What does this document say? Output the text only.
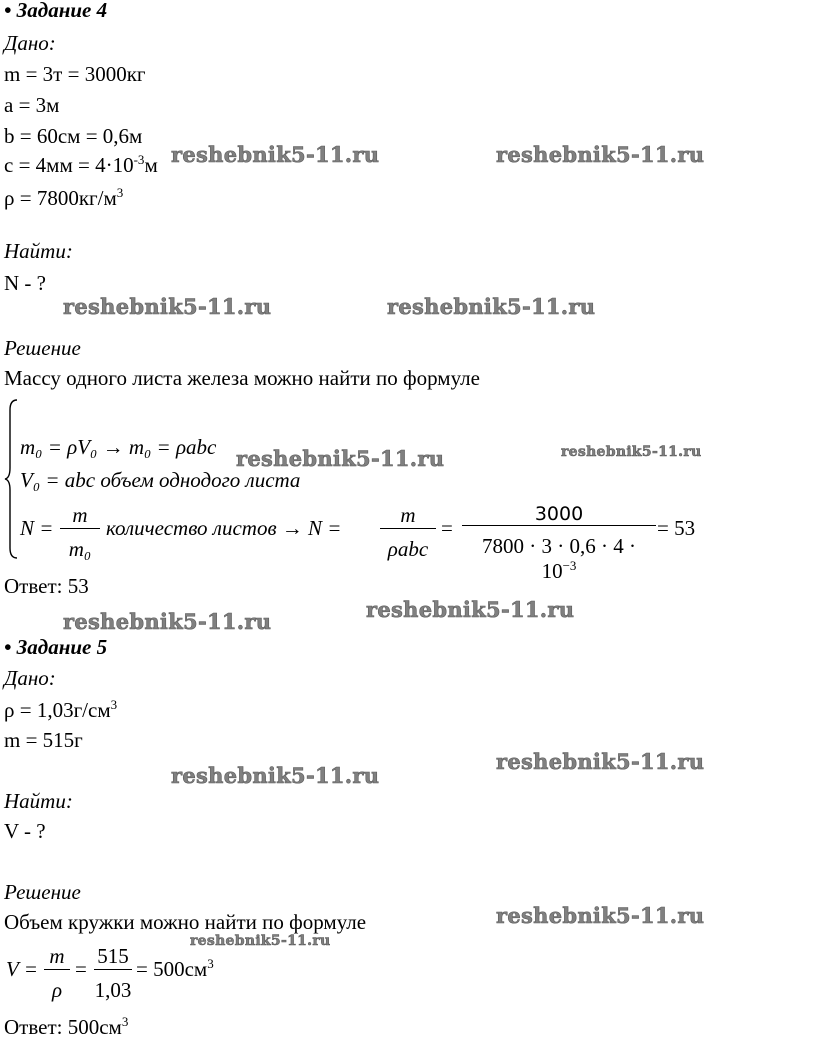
• Задание 4
Дано:
m = 3т = 3000кг
a = 3м
b = 60см = 0,6м
$c = 4мм = 4\cdot 10^{-3}м$
$\rho = 7800кг/м^3$
Найти:
N - ?
Решение
Массу одного листа железа можно найти по формуле
m₀ = ρV₀ → m₀ = ρabc
V₀ = abc объем однодого листа
$N = \frac{m}{\text{m₀}}$ количество листов → N =
m
ρabc
= $\frac{3000}{7800 \cdot 3 \cdot 0,6 \cdot 4 \cdot 10^{-3}} = 53$
Ответ: 53
• Задание 5
Дано:
$\rho = 1,03г/см^3$
m = 515г
Найти:
V - ?
Решение
Объем кружки можно найти по формуле
$V = \frac{m}{\rho} = \frac{515}{1,03} = 500см^3$
Ответ: $500см^3$
reshebnik5-11.ru	reshebnik5-11.ru
reshebnik5-11.ru	reshebnik5-11.ru
reshebnik5-11.ru	reshebnik5-11.ru
reshebnik5-11.ru	reshebnik5-11.ru
reshebnik5-11.ru
reshebnik5-11.ru
reshebnik5-11.ru
reshebnik5-11.ru
